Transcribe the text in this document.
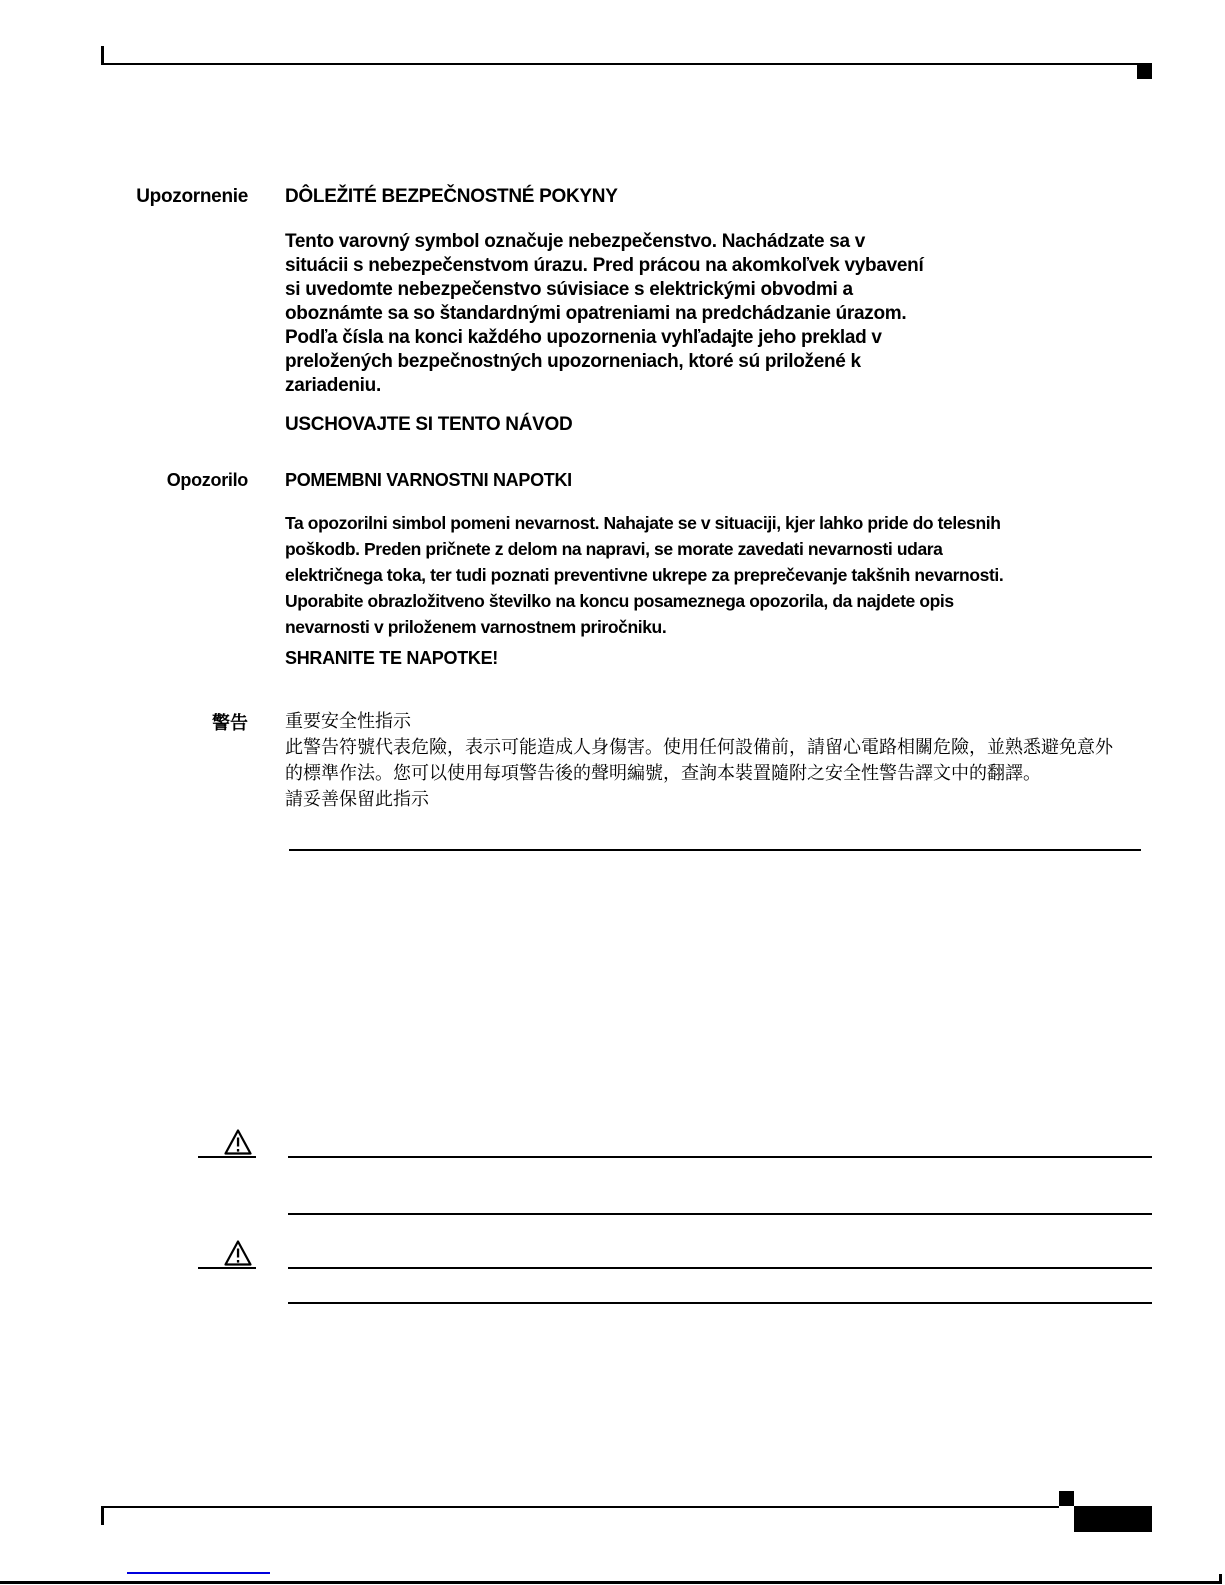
Upozornenie DÔLEŽITÉ BEZPEČNOSTNÉ POKYNY
Tento varovný symbol označuje nebezpečenstvo. Nachádzate sa v
situácii s nebezpečenstvom úrazu. Pred prácou na akomkoľvek vybavení
si uvedomte nebezpečenstvo súvisiace s elektrickými obvodmi a
oboznámte sa so štandardnými opatreniami na predchádzanie úrazom.
Podľa čísla na konci každého upozornenia vyhľadajte jeho preklad v
preložených bezpečnostných upozorneniach, ktoré sú priložené k
zariadeniu.
USCHOVAJTE SI TENTO NÁVOD
Opozorilo POMEMBNI VARNOSTNI NAPOTKI
Ta opozorilni simbol pomeni nevarnost. Nahajate se v situaciji, kjer lahko pride do telesnih
poškodb. Preden pričnete z delom na napravi, se morate zavedati nevarnosti udara
električnega toka, ter tudi poznati preventivne ukrepe za preprečevanje takšnih nevarnosti.
Uporabite obrazložitveno številko na koncu posameznega opozorila, da najdete opis
nevarnosti v priloženem varnostnem priročniku.
SHRANITE TE NAPOTKE!
警告 重要安全性指示
此警告符號代表危險，表示可能造成人身傷害。使用任何設備前，請留心電路相關危險，並熟悉避免意外
的標準作法。您可以使用每項警告後的聲明編號，查詢本裝置隨附之安全性警告譯文中的翻譯。
請妥善保留此指示
